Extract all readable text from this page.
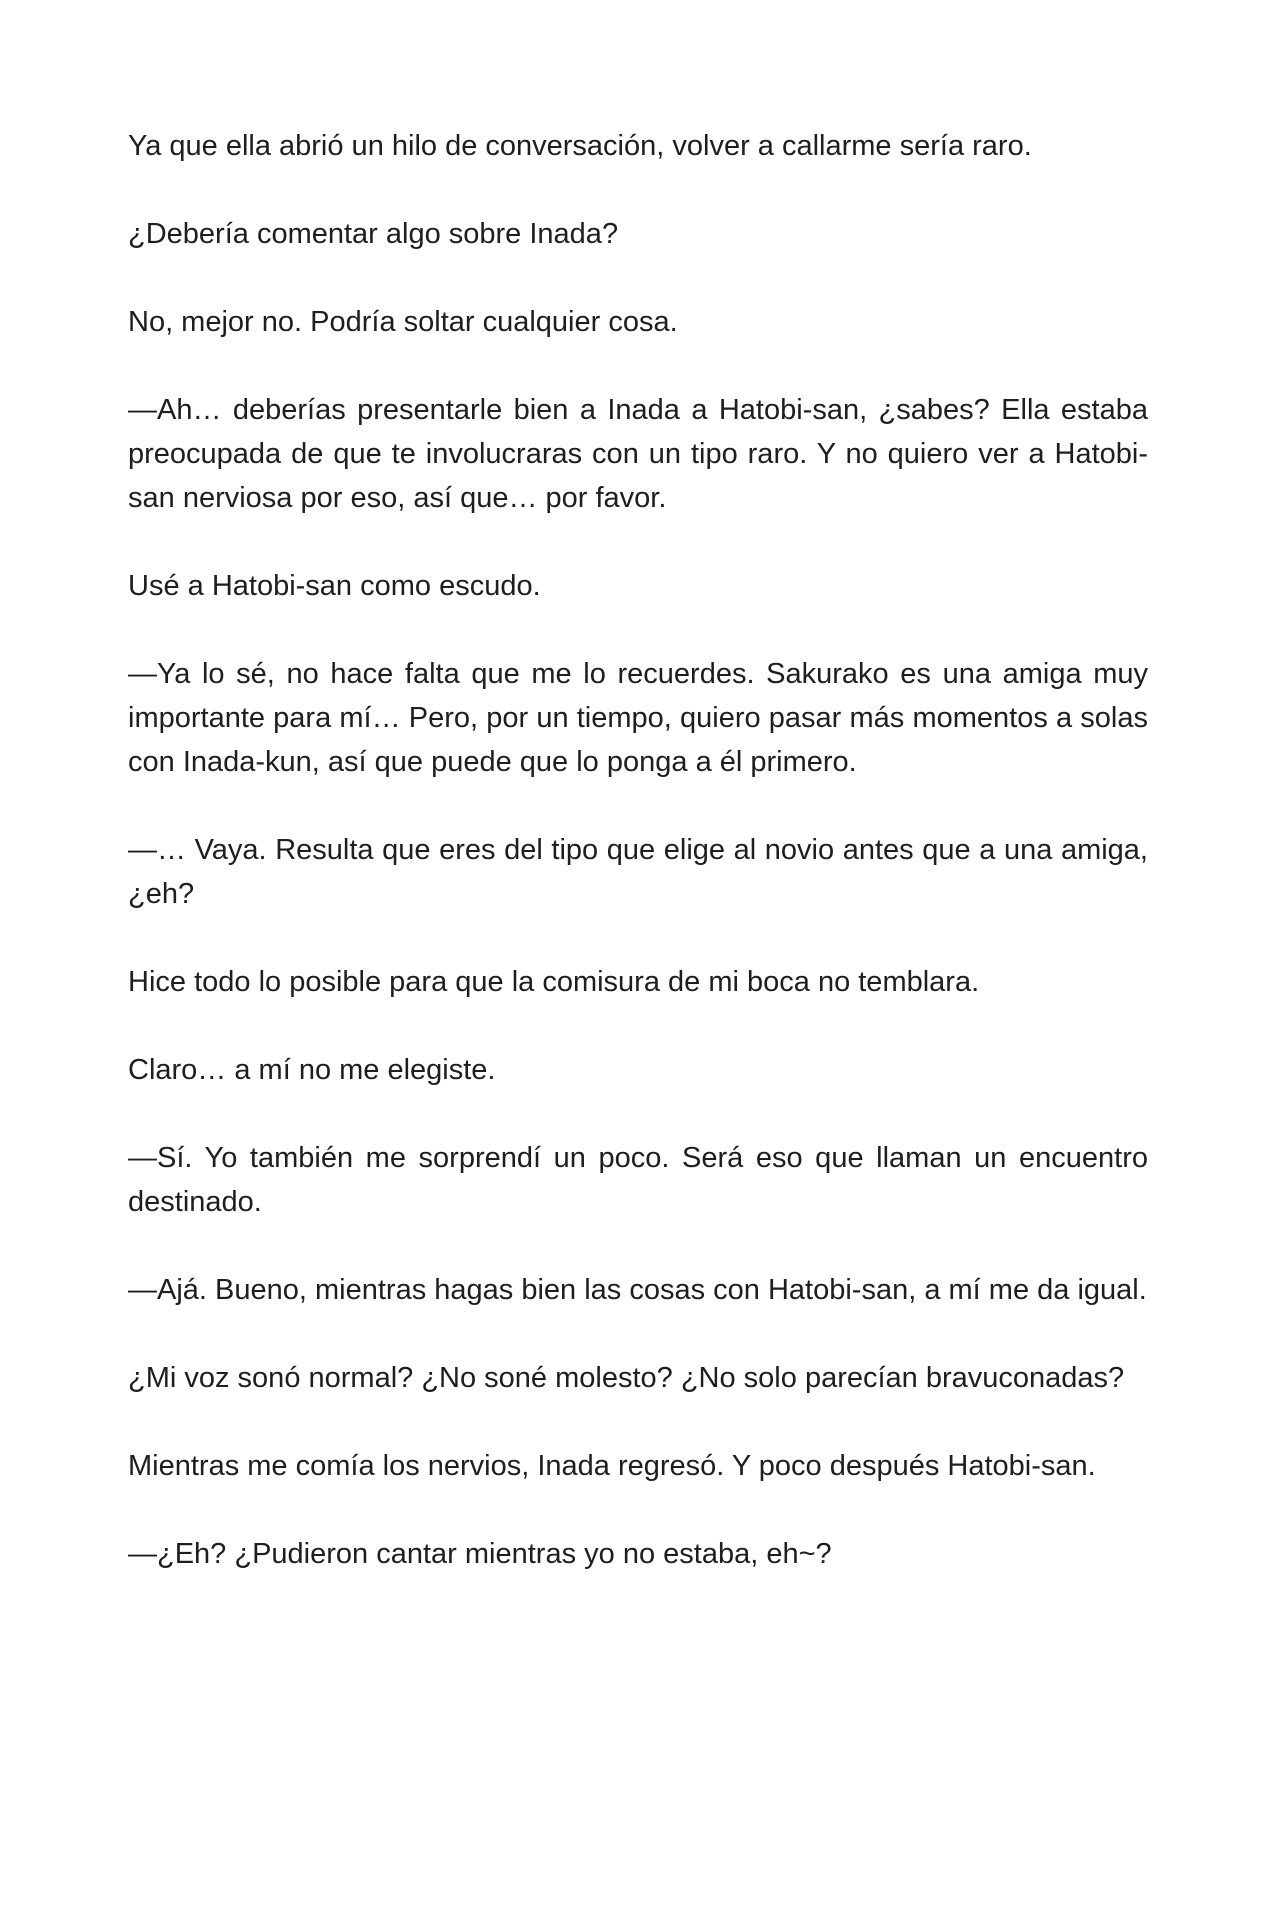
Ya que ella abrió un hilo de conversación, volver a callarme sería raro.

¿Debería comentar algo sobre Inada?

No, mejor no. Podría soltar cualquier cosa.

—Ah… deberías presentarle bien a Inada a Hatobi-san, ¿sabes? Ella estaba preocupada de que te involucraras con un tipo raro. Y no quiero ver a Hatobi-san nerviosa por eso, así que… por favor.

Usé a Hatobi-san como escudo.

—Ya lo sé, no hace falta que me lo recuerdes. Sakurako es una amiga muy importante para mí… Pero, por un tiempo, quiero pasar más momentos a solas con Inada-kun, así que puede que lo ponga a él primero.

—… Vaya. Resulta que eres del tipo que elige al novio antes que a una amiga, ¿eh?

Hice todo lo posible para que la comisura de mi boca no temblara.

Claro… a mí no me elegiste.

—Sí. Yo también me sorprendí un poco. Será eso que llaman un encuentro destinado.

—Ajá. Bueno, mientras hagas bien las cosas con Hatobi-san, a mí me da igual.

¿Mi voz sonó normal? ¿No soné molesto? ¿No solo parecían bravuconadas?

Mientras me comía los nervios, Inada regresó. Y poco después Hatobi-san.

—¿Eh? ¿Pudieron cantar mientras yo no estaba, eh~?
